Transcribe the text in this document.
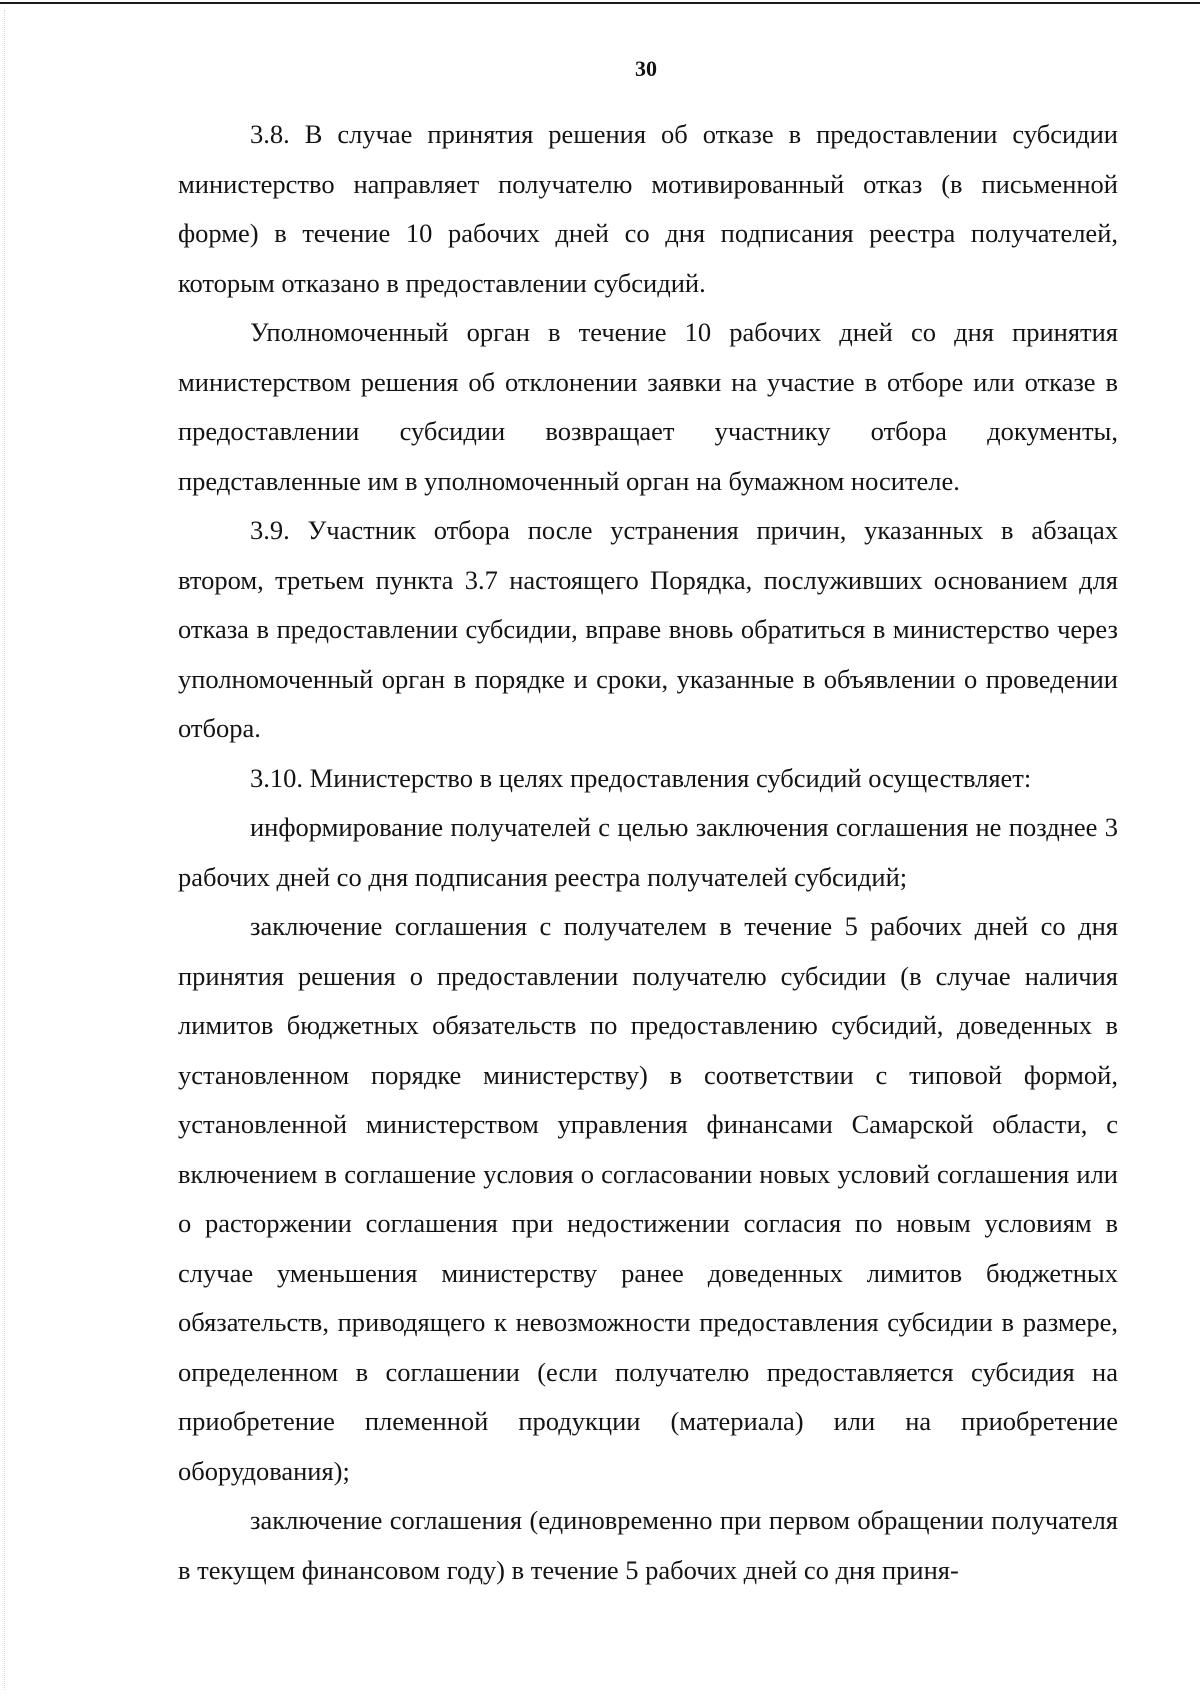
30

3.8. В случае принятия решения об отказе в предоставлении субсидии министерство направляет получателю мотивированный отказ (в письменной форме) в течение 10 рабочих дней со дня подписания реестра получателей, которым отказано в предоставлении субсидий.

Уполномоченный орган в течение 10 рабочих дней со дня принятия министерством решения об отклонении заявки на участие в отборе или отказе в предоставлении субсидии возвращает участнику отбора документы, представленные им в уполномоченный орган на бумажном носителе.

3.9. Участник отбора после устранения причин, указанных в абзацах втором, третьем пункта 3.7 настоящего Порядка, послуживших основанием для отказа в предоставлении субсидии, вправе вновь обратиться в министерство через уполномоченный орган в порядке и сроки, указанные в объявлении о проведении отбора.

3.10. Министерство в целях предоставления субсидий осуществляет:

информирование получателей с целью заключения соглашения не позднее 3 рабочих дней со дня подписания реестра получателей субсидий;

заключение соглашения с получателем в течение 5 рабочих дней со дня принятия решения о предоставлении получателю субсидии (в случае наличия лимитов бюджетных обязательств по предоставлению субсидий, доведенных в установленном порядке министерству) в соответствии с типовой формой, установленной министерством управления финансами Самарской области, с включением в соглашение условия о согласовании новых условий соглашения или о расторжении соглашения при недостижении согласия по новым условиям в случае уменьшения министерству ранее доведенных лимитов бюджетных обязательств, приводящего к невозможности предоставления субсидии в размере, определенном в соглашении (если получателю предоставляется субсидия на приобретение племенной продукции (материала) или на приобретение оборудования);

заключение соглашения (единовременно при первом обращении получателя в текущем финансовом году) в течение 5 рабочих дней со дня приня-
